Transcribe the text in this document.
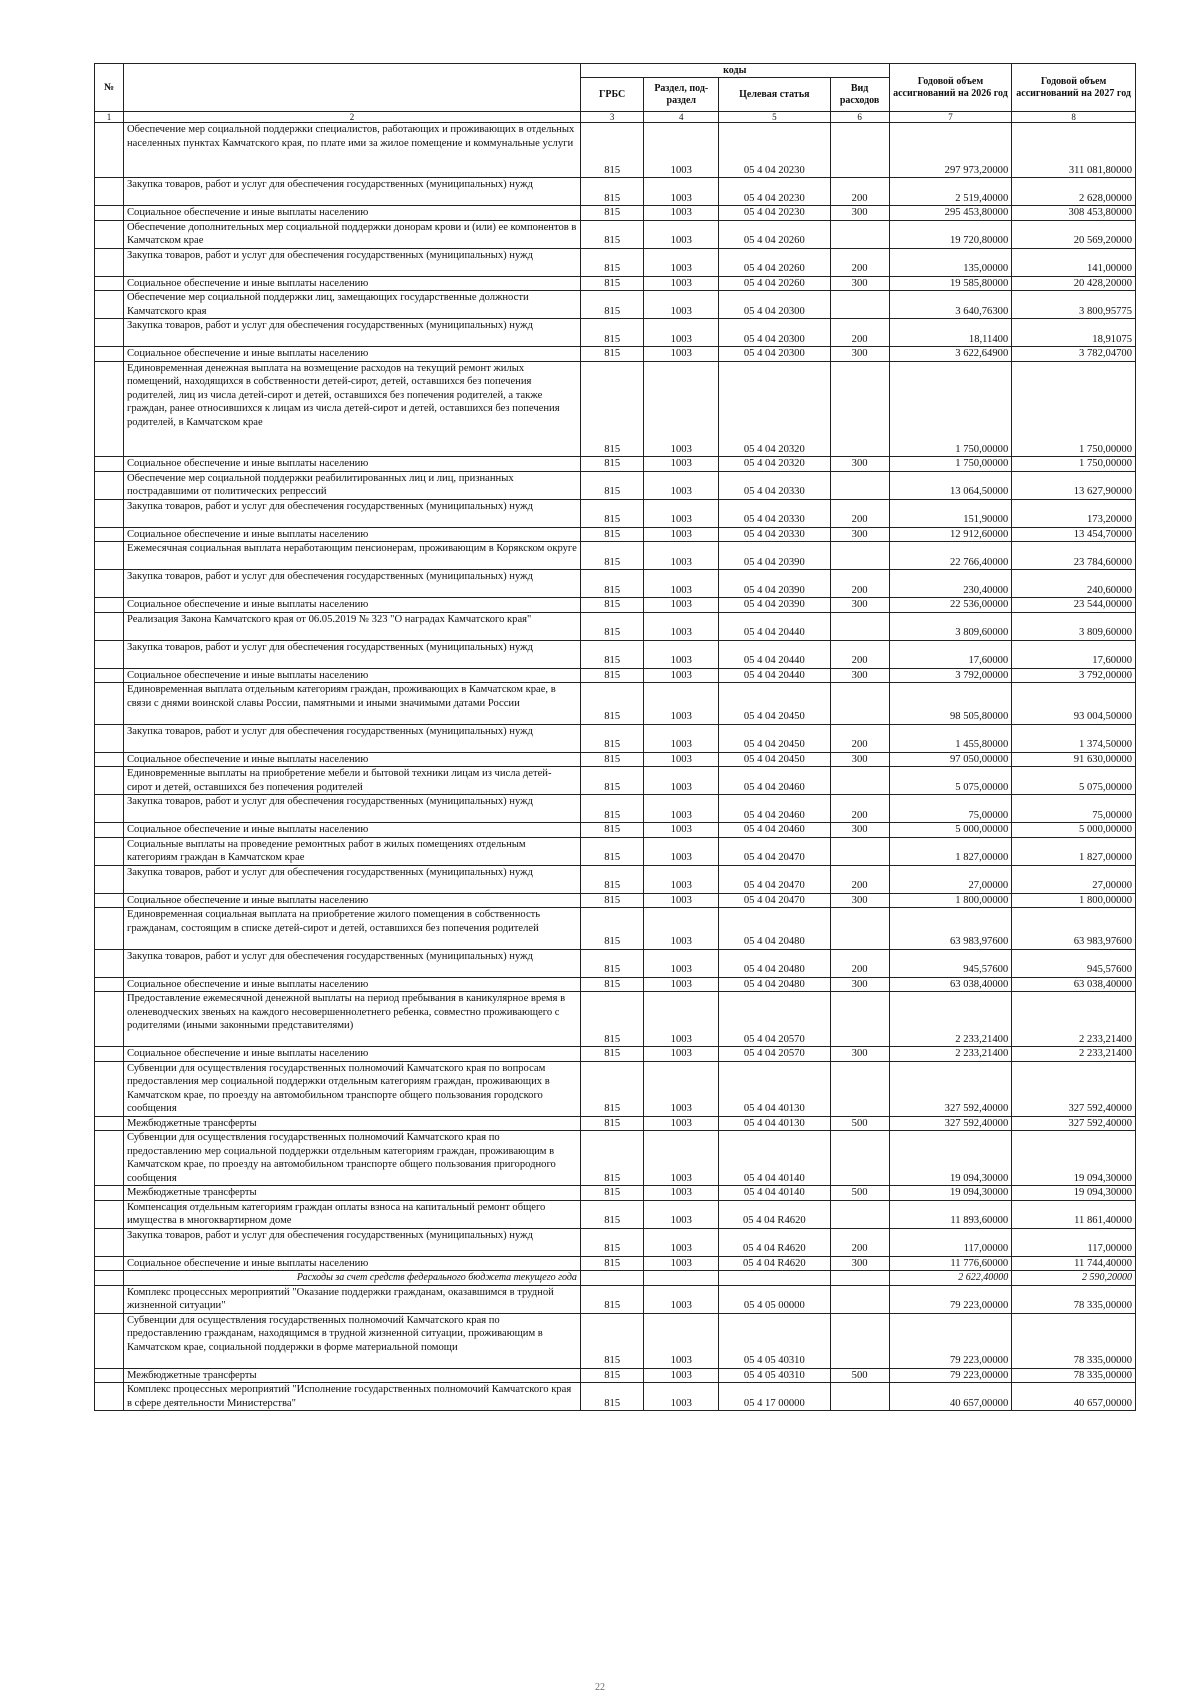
№		коды				Годовой объем ассигнований на 2026 год	Годовой объем ассигнований на 2027 год
		ГРБС	Раздел, под-раздел	Целевая статья	Вид расходов		
1	2	3	4	5	6	7	8
	Обеспечение мер социальной поддержки специалистов, работающих и проживающих в отдельных населенных пунктах Камчатского края, по плате ими за жилое помещение и коммунальные услуги	815	1003	05 4 04 20230		297 973,20000	311 081,80000
	Закупка товаров, работ и услуг для обеспечения государственных (муниципальных) нужд	815	1003	05 4 04 20230	200	2 519,40000	2 628,00000
	Социальное обеспечение и иные выплаты населению	815	1003	05 4 04 20230	300	295 453,80000	308 453,80000
	Обеспечение дополнительных мер социальной поддержки донорам крови и (или) ее компонентов в Камчатском крае	815	1003	05 4 04 20260		19 720,80000	20 569,20000
	Закупка товаров, работ и услуг для обеспечения государственных (муниципальных) нужд	815	1003	05 4 04 20260	200	135,00000	141,00000
	Социальное обеспечение и иные выплаты населению	815	1003	05 4 04 20260	300	19 585,80000	20 428,20000
	Обеспечение мер социальной поддержки лиц, замещающих государственные должности Камчатского края	815	1003	05 4 04 20300		3 640,76300	3 800,95775
	Закупка товаров, работ и услуг для обеспечения государственных (муниципальных) нужд	815	1003	05 4 04 20300	200	18,11400	18,91075
	Социальное обеспечение и иные выплаты населению	815	1003	05 4 04 20300	300	3 622,64900	3 782,04700
	Единовременная денежная выплата на возмещение расходов на текущий ремонт жилых помещений, находящихся в собственности детей-сирот, детей, оставшихся без попечения родителей, лиц из числа детей-сирот и детей, оставшихся без попечения родителей, а также граждан, ранее относившихся к лицам из числа детей-сирот и детей, оставшихся без попечения родителей, в Камчатском крае	815	1003	05 4 04 20320		1 750,00000	1 750,00000
	Социальное обеспечение и иные выплаты населению	815	1003	05 4 04 20320	300	1 750,00000	1 750,00000
	Обеспечение мер социальной поддержки реабилитированных лиц и лиц, признанных пострадавшими от политических репрессий	815	1003	05 4 04 20330		13 064,50000	13 627,90000
	Закупка товаров, работ и услуг для обеспечения государственных (муниципальных) нужд	815	1003	05 4 04 20330	200	151,90000	173,20000
	Социальное обеспечение и иные выплаты населению	815	1003	05 4 04 20330	300	12 912,60000	13 454,70000
	Ежемесячная социальная выплата неработающим пенсионерам, проживающим в Корякском округе	815	1003	05 4 04 20390		22 766,40000	23 784,60000
	Закупка товаров, работ и услуг для обеспечения государственных (муниципальных) нужд	815	1003	05 4 04 20390	200	230,40000	240,60000
	Социальное обеспечение и иные выплаты населению	815	1003	05 4 04 20390	300	22 536,00000	23 544,00000
	Реализация Закона Камчатского края от 06.05.2019 № 323 "О наградах Камчатского края"	815	1003	05 4 04 20440		3 809,60000	3 809,60000
	Закупка товаров, работ и услуг для обеспечения государственных (муниципальных) нужд	815	1003	05 4 04 20440	200	17,60000	17,60000
	Социальное обеспечение и иные выплаты населению	815	1003	05 4 04 20440	300	3 792,00000	3 792,00000
	Единовременная выплата отдельным категориям граждан, проживающих в Камчатском крае, в связи с днями воинской славы России, памятными и иными значимыми датами России	815	1003	05 4 04 20450		98 505,80000	93 004,50000
	Закупка товаров, работ и услуг для обеспечения государственных (муниципальных) нужд	815	1003	05 4 04 20450	200	1 455,80000	1 374,50000
	Социальное обеспечение и иные выплаты населению	815	1003	05 4 04 20450	300	97 050,00000	91 630,00000
	Единовременные выплаты на приобретение мебели и бытовой техники лицам из числа детей-сирот и детей, оставшихся без попечения родителей	815	1003	05 4 04 20460		5 075,00000	5 075,00000
	Закупка товаров, работ и услуг для обеспечения государственных (муниципальных) нужд	815	1003	05 4 04 20460	200	75,00000	75,00000
	Социальное обеспечение и иные выплаты населению	815	1003	05 4 04 20460	300	5 000,00000	5 000,00000
	Социальные выплаты на проведение ремонтных работ в жилых помещениях отдельным категориям граждан в Камчатском крае	815	1003	05 4 04 20470		1 827,00000	1 827,00000
	Закупка товаров, работ и услуг для обеспечения государственных (муниципальных) нужд	815	1003	05 4 04 20470	200	27,00000	27,00000
	Социальное обеспечение и иные выплаты населению	815	1003	05 4 04 20470	300	1 800,00000	1 800,00000
	Единовременная социальная выплата на приобретение жилого помещения в собственность гражданам, состоящим в списке детей-сирот и детей, оставшихся без попечения родителей	815	1003	05 4 04 20480		63 983,97600	63 983,97600
	Закупка товаров, работ и услуг для обеспечения государственных (муниципальных) нужд	815	1003	05 4 04 20480	200	945,57600	945,57600
	Социальное обеспечение и иные выплаты населению	815	1003	05 4 04 20480	300	63 038,40000	63 038,40000
	Предоставление ежемесячной денежной выплаты на период пребывания в каникулярное время в оленеводческих звеньях на каждого несовершеннолетнего ребенка, совместно проживающего с родителями (иными законными представителями)	815	1003	05 4 04 20570		2 233,21400	2 233,21400
	Социальное обеспечение и иные выплаты населению	815	1003	05 4 04 20570	300	2 233,21400	2 233,21400
	Субвенции для осуществления государственных полномочий Камчатского края по вопросам предоставления мер социальной поддержки отдельным категориям граждан, проживающих в Камчатском крае, по проезду на автомобильном транспорте общего пользования городского сообщения	815	1003	05 4 04 40130		327 592,40000	327 592,40000
	Межбюджетные трансферты	815	1003	05 4 04 40130	500	327 592,40000	327 592,40000
	Субвенции для осуществления государственных полномочий Камчатского края по предоставлению мер социальной поддержки отдельным категориям граждан, проживающим в Камчатском крае, по проезду на автомобильном транспорте общего пользования пригородного сообщения	815	1003	05 4 04 40140		19 094,30000	19 094,30000
	Межбюджетные трансферты	815	1003	05 4 04 40140	500	19 094,30000	19 094,30000
	Компенсация отдельным категориям граждан оплаты взноса на капитальный ремонт общего имущества в многоквартирном доме	815	1003	05 4 04 R4620		11 893,60000	11 861,40000
	Закупка товаров, работ и услуг для обеспечения государственных (муниципальных) нужд	815	1003	05 4 04 R4620	200	117,00000	117,00000
	Социальное обеспечение и иные выплаты населению	815	1003	05 4 04 R4620	300	11 776,60000	11 744,40000
	Расходы за счет средств федерального бюджета текущего года					2 622,40000	2 590,20000
	Комплекс процессных мероприятий "Оказание поддержки гражданам, оказавшимся в трудной жизненной ситуации"	815	1003	05 4 05 00000		79 223,00000	78 335,00000
	Субвенции для осуществления государственных полномочий Камчатского края по предоставлению гражданам, находящимся в трудной жизненной ситуации, проживающим в Камчатском крае, социальной поддержки в форме материальной помощи	815	1003	05 4 05 40310		79 223,00000	78 335,00000
	Межбюджетные трансферты	815	1003	05 4 05 40310	500	79 223,00000	78 335,00000
	Комплекс процессных мероприятий "Исполнение государственных полномочий Камчатского края в сфере деятельности Министерства"	815	1003	05 4 17 00000		40 657,00000	40 657,00000
22
